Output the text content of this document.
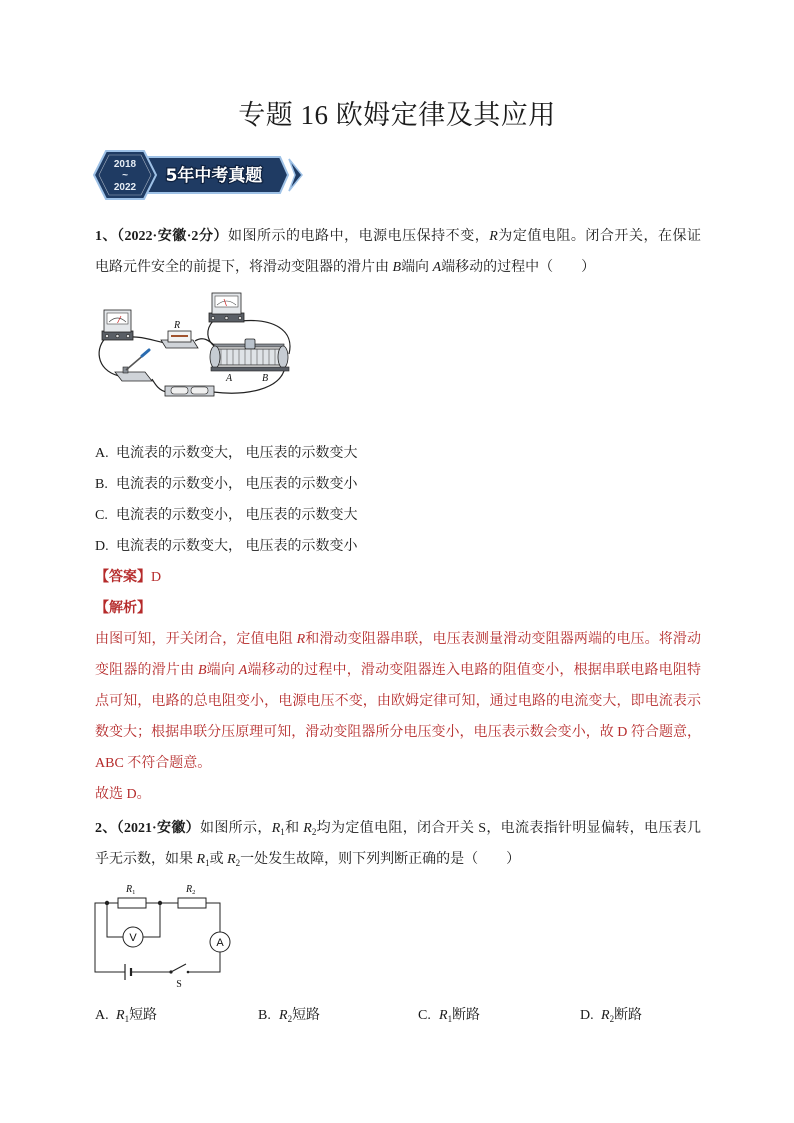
专题 16 欧姆定律及其应用
2018
~
2022
5年中考真题
1、（2022·安徽·2分）如图所示的电路中，电源电压保持不变，R为定值电阻。闭合开关，在保证
电路元件安全的前提下，将滑动变阻器的滑片由 B端向 A端移动的过程中（　　）
R
A	B
A. 电流表的示数变大， 电压表的示数变大
B. 电流表的示数变小， 电压表的示数变小
C. 电流表的示数变小， 电压表的示数变大
D. 电流表的示数变大， 电压表的示数变小
【答案】D
【解析】
由图可知，开关闭合，定值电阻 R和滑动变阻器串联，电压表测量滑动变阻器两端的电压。将滑动
变阻器的滑片由 B端向 A端移动的过程中，滑动变阻器连入电路的阻值变小，根据串联电路电阻特
点可知，电路的总电阻变小，电源电压不变，由欧姆定律可知，通过电路的电流变大，即电流表示
数变大；根据串联分压原理可知，滑动变阻器所分电压变小，电压表示数会变小，故 D 符合题意，
ABC 不符合题意。
故选 D。
2、（2021·安徽）如图所示，$R_1$和 $R_2$均为定值电阻，闭合开关 S，电流表指针明显偏转，电压表几
乎无示数，如果 $R_1$或 $R_2$一处发生故障，则下列判断正确的是（　　）
$R_1$	$R_2$
V	A
S
A. $R_1$短路	B. $R_2$短路	C. $R_1$断路	D. $R_2$断路
